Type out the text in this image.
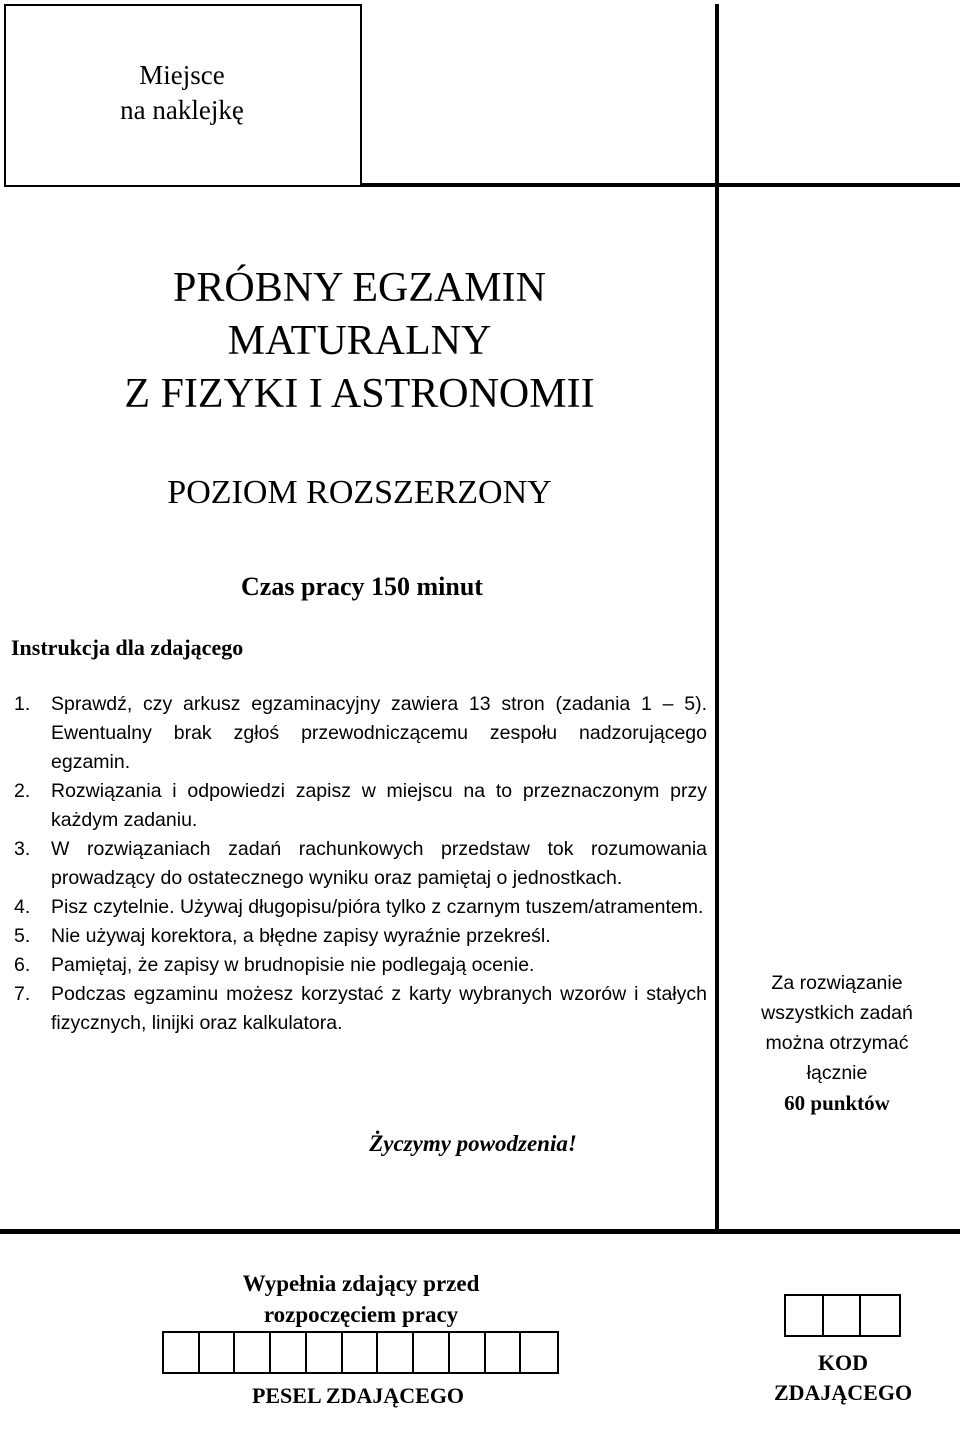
Miejsce
na naklejkę
PRÓBNY EGZAMIN
MATURALNY
Z FIZYKI I ASTRONOMII
POZIOM ROZSZERZONY
Czas pracy 150 minut
Instrukcja dla zdającego
1.	Sprawdź, czy arkusz egzaminacyjny zawiera 13 stron (zadania 1 – 5). Ewentualny brak zgłoś przewodniczącemu zespołu nadzorującego egzamin.
2.	Rozwiązania i odpowiedzi zapisz w miejscu na to przeznaczonym przy każdym zadaniu.
3.	W rozwiązaniach zadań rachunkowych przedstaw tok rozumowania prowadzący do ostatecznego wyniku oraz pamiętaj o jednostkach.
4.	Pisz czytelnie. Używaj długopisu/pióra tylko z czarnym tuszem/atramentem.
5.	Nie używaj korektora, a błędne zapisy wyraźnie przekreśl.
6.	Pamiętaj, że zapisy w brudnopisie nie podlegają ocenie.
7.	Podczas egzaminu możesz korzystać z karty wybranych wzorów i stałych fizycznych, linijki oraz kalkulatora.
Za rozwiązanie
wszystkich zadań
można otrzymać
łącznie
60 punktów
Życzymy powodzenia!
Wypełnia zdający przed
rozpoczęciem pracy
PESEL ZDAJĄCEGO
KOD
ZDAJĄCEGO
